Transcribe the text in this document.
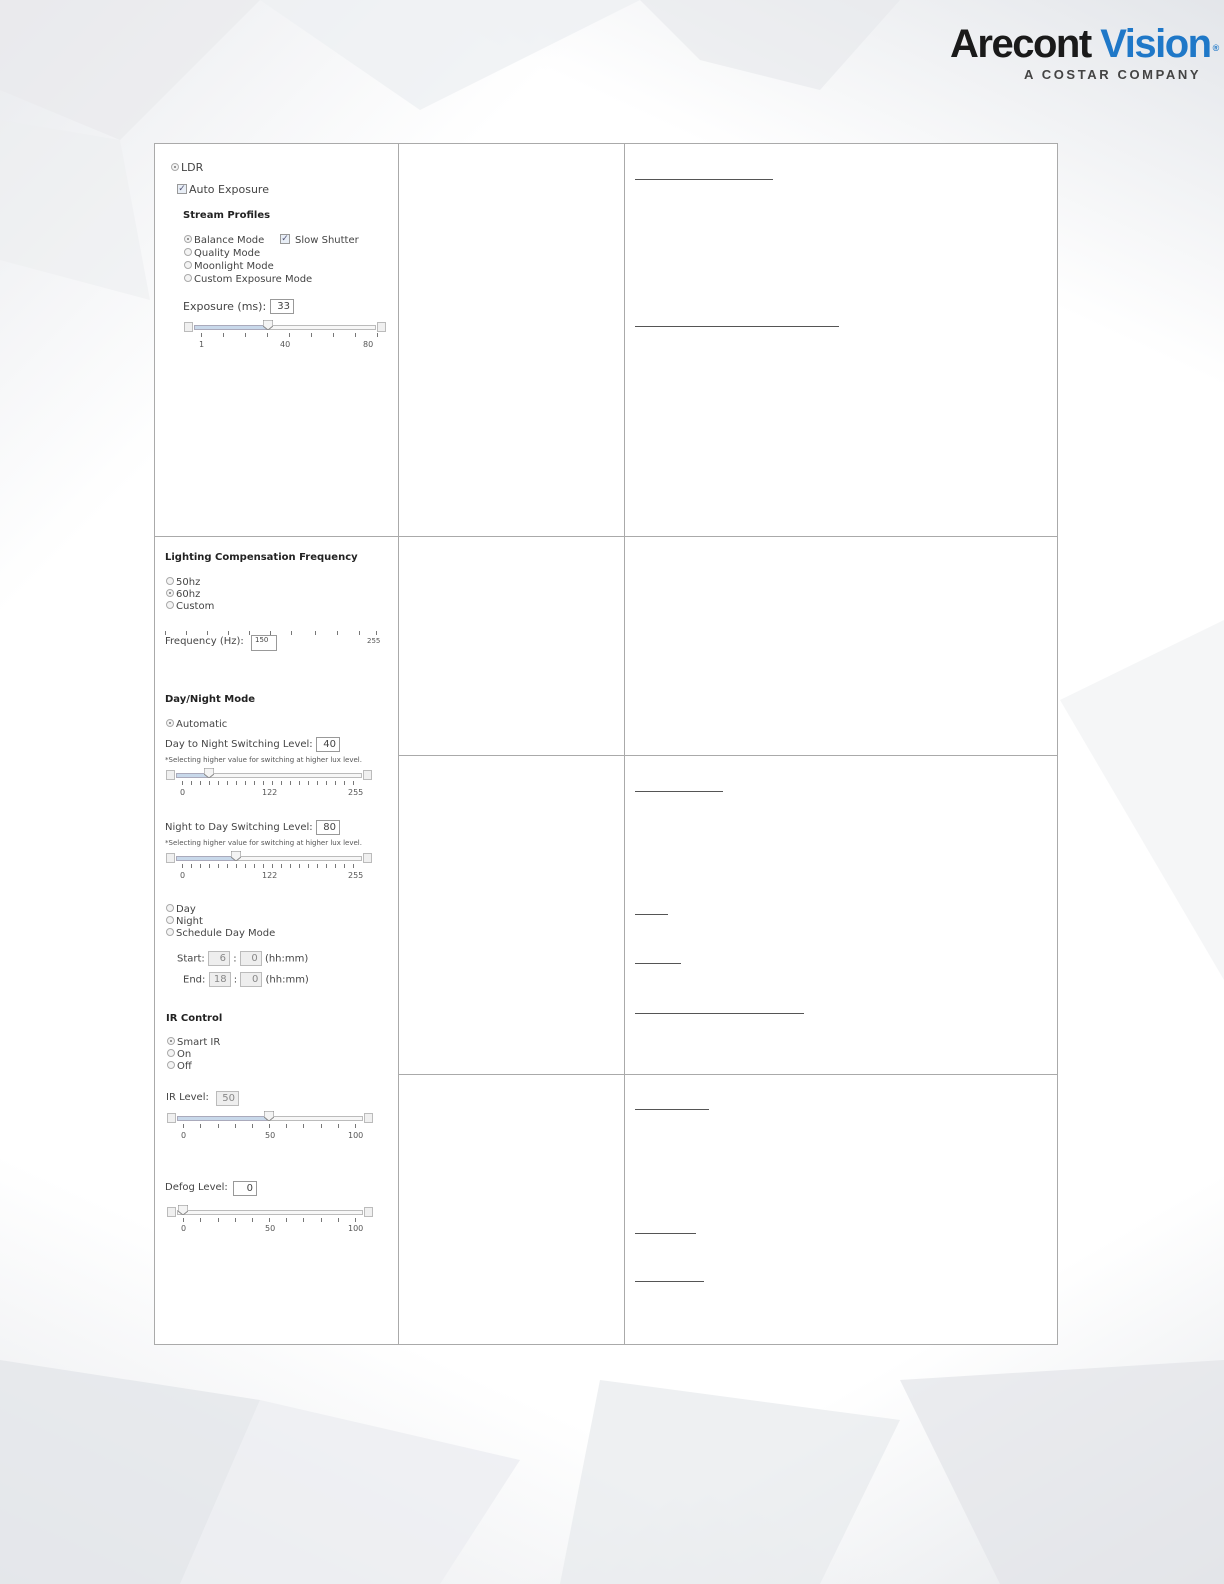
Arecont Vision ®
A COSTAR COMPANY
LDR
✓ Auto Exposure
Stream Profiles
Balance Mode
Quality Mode
Moonlight Mode
Custom Exposure Mode
✓ Slow Shutter
Exposure (ms):	33
1	40	80
Lighting Compensation Frequency
50hz
60hz
Custom
Frequency (Hz):	150	255
Day/Night Mode
Automatic
Day to Night Switching Level:	40
*Selecting higher value for switching at higher lux level.
0	122	255
Night to Day Switching Level:	80
*Selecting higher value for switching at higher lux level.
0	122	255
Day
Night
Schedule Day Mode
Start: 6 : 0 (hh:mm)
End: 18 : 0 (hh:mm)
IR Control
Smart IR
On
Off
IR Level:	50
0	50	100
Defog Level:	0
0	50	100
